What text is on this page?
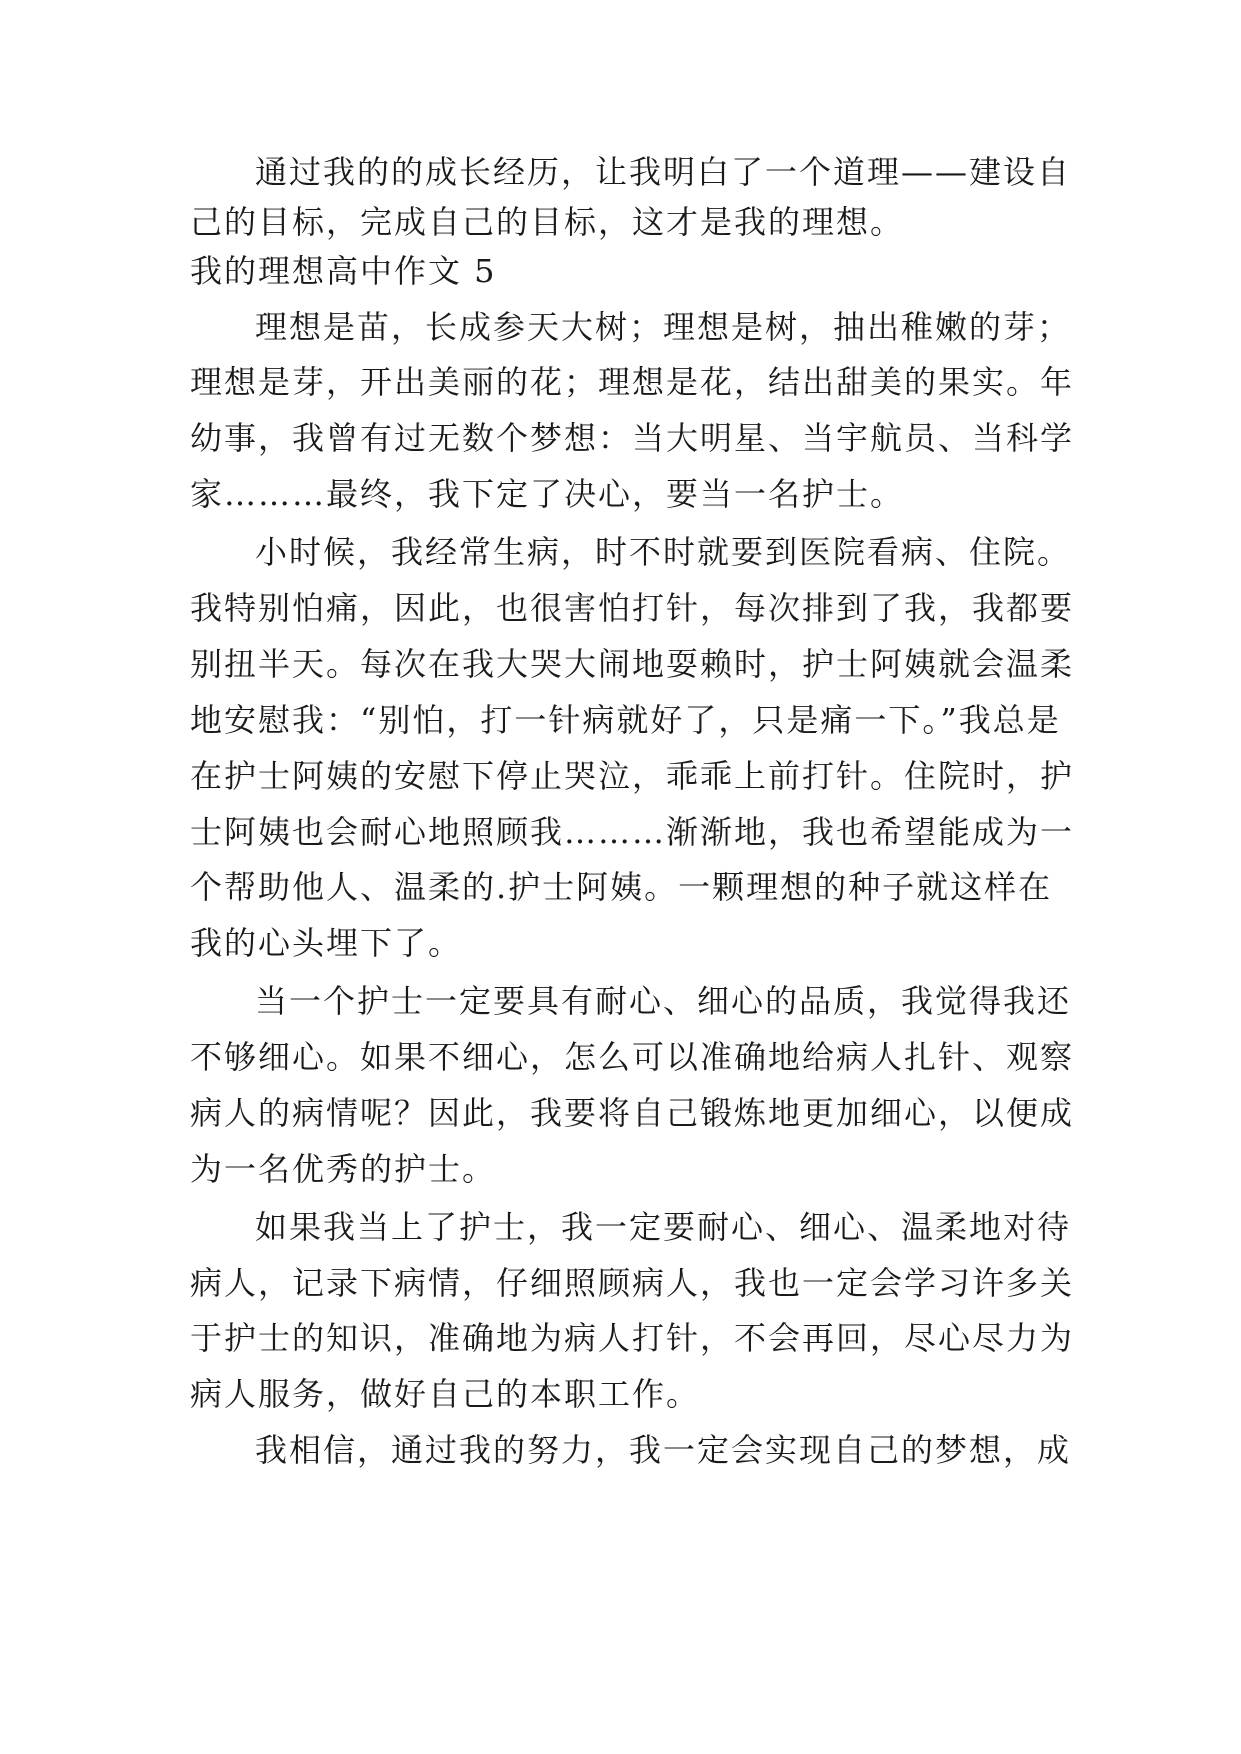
通过我的的成长经历，让我明白了一个道理——建设自
己的目标，完成自己的目标，这才是我的理想。
我的理想高中作文 5
理想是苗，长成参天大树；理想是树，抽出稚嫩的芽；
理想是芽，开出美丽的花；理想是花，结出甜美的果实。年
幼事，我曾有过无数个梦想：当大明星、当宇航员、当科学
家………最终，我下定了决心，要当一名护士。
小时候，我经常生病，时不时就要到医院看病、住院。
我特别怕痛，因此，也很害怕打针，每次排到了我，我都要
别扭半天。每次在我大哭大闹地耍赖时，护士阿姨就会温柔
地安慰我：“别怕，打一针病就好了，只是痛一下。”我总是
在护士阿姨的安慰下停止哭泣，乖乖上前打针。住院时，护
士阿姨也会耐心地照顾我………渐渐地，我也希望能成为一
个帮助他人、温柔的.护士阿姨。一颗理想的种子就这样在
我的心头埋下了。
当一个护士一定要具有耐心、细心的品质，我觉得我还
不够细心。如果不细心，怎么可以准确地给病人扎针、观察
病人的病情呢？因此，我要将自己锻炼地更加细心，以便成
为一名优秀的护士。
如果我当上了护士，我一定要耐心、细心、温柔地对待
病人，记录下病情，仔细照顾病人，我也一定会学习许多关
于护士的知识，准确地为病人打针，不会再回，尽心尽力为
病人服务，做好自己的本职工作。
我相信，通过我的努力，我一定会实现自己的梦想，成
